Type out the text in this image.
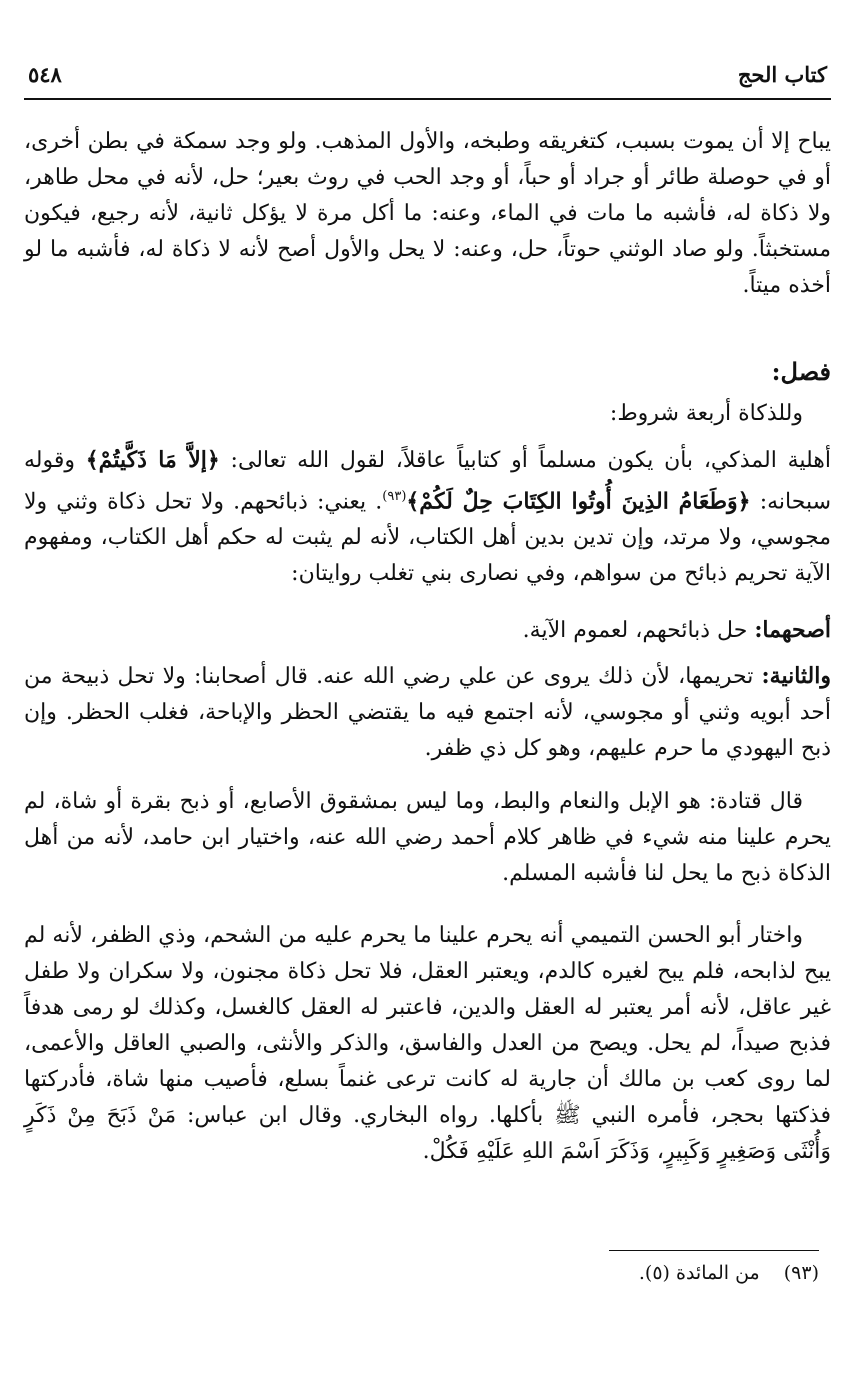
كتاب الحج
٥٤٨

يباح إلا أن يموت بسبب، كتغريقه وطبخه، والأول المذهب. ولو وجد سمكة في بطن أخرى، أو في حوصلة طائر أو جراد أو حباً، أو وجد الحب في روث بعير؛ حل، لأنه في محل طاهر، ولا ذكاة له، فأشبه ما مات في الماء، وعنه: ما أكل مرة لا يؤكل ثانية، لأنه رجيع، فيكون مستخبثاً. ولو صاد الوثني حوتاً، حل، وعنه: لا يحل والأول أصح لأنه لا ذكاة له، فأشبه ما لو أخذه ميتاً.

فصل:

وللذكاة أربعة شروط:

أهلية المذكي، بأن يكون مسلماً أو كتابياً عاقلاً، لقول الله تعالى: ﴿إلاَّ مَا ذَكَّيتُمْ﴾ وقوله سبحانه: ﴿وَطَعَامُ الذِينَ أُوتُوا الكِتَابَ حِلٌ لَكُمْ﴾$^{(٩٣)}$. يعني: ذبائحهم. ولا تحل ذكاة وثني ولا مجوسي، ولا مرتد، وإن تدين بدين أهل الكتاب، لأنه لم يثبت له حكم أهل الكتاب، ومفهوم الآية تحريم ذبائح من سواهم، وفي نصارى بني تغلب روايتان:

أصحهما: حل ذبائحهم، لعموم الآية.

والثانية: تحريمها، لأن ذلك يروى عن علي رضي الله عنه. قال أصحابنا: ولا تحل ذبيحة من أحد أبويه وثني أو مجوسي، لأنه اجتمع فيه ما يقتضي الحظر والإباحة، فغلب الحظر. وإن ذبح اليهودي ما حرم عليهم، وهو كل ذي ظفر.

قال قتادة: هو الإبل والنعام والبط، وما ليس بمشقوق الأصابع، أو ذبح بقرة أو شاة، لم يحرم علينا منه شيء في ظاهر كلام أحمد رضي الله عنه، واختيار ابن حامد، لأنه من أهل الذكاة ذبح ما يحل لنا فأشبه المسلم.

واختار أبو الحسن التميمي أنه يحرم علينا ما يحرم عليه من الشحم، وذي الظفر، لأنه لم يبح لذابحه، فلم يبح لغيره كالدم، ويعتبر العقل، فلا تحل ذكاة مجنون، ولا سكران ولا طفل غير عاقل، لأنه أمر يعتبر له العقل والدين، فاعتبر له العقل كالغسل، وكذلك لو رمى هدفاً فذبح صيداً، لم يحل. ويصح من العدل والفاسق، والذكر والأنثى، والصبي العاقل والأعمى، لما روى كعب بن مالك أن جارية له كانت ترعى غنماً بسلع، فأصيب منها شاة، فأدركتها فذكتها بحجر، فأمره النبي ﷺ بأكلها. رواه البخاري. وقال ابن عباس: مَنْ ذَبَحَ مِنْ ذَكَرٍ وَأُنْثَى وَصَغِيرٍ وَكَبِيرٍ، وَذَكَرَ اَسْمَ اللهِ عَلَيْهِ فَكُلْ.

(٩٣)من المائدة (٥).
